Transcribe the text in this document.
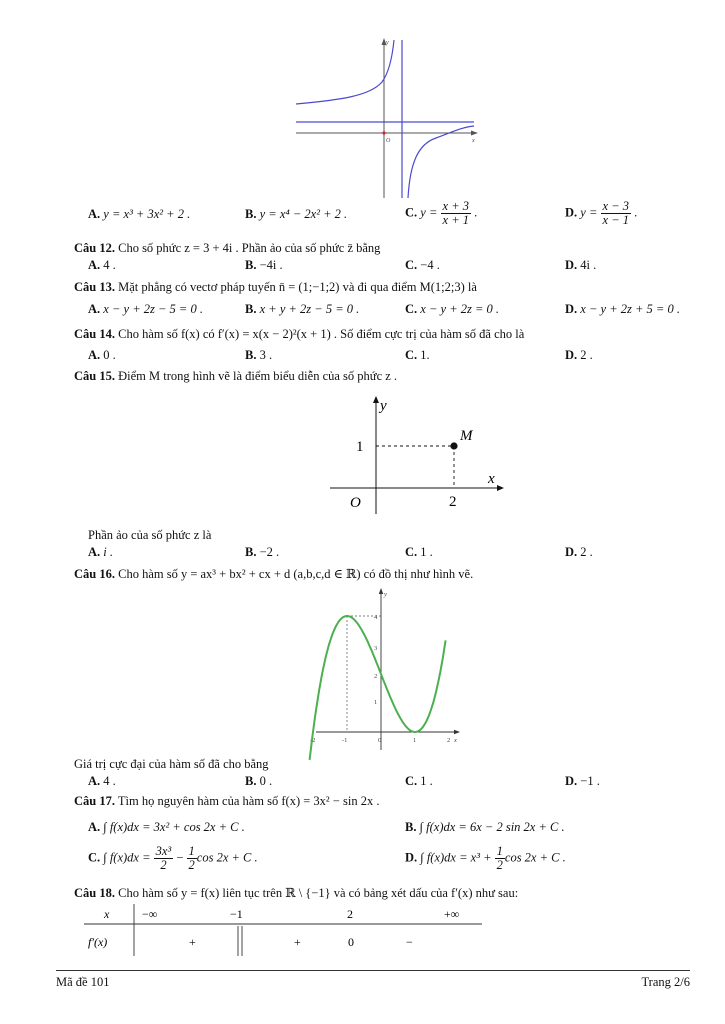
O	x
y
A. y = x³ + 3x² + 2 .	B. y = x⁴ − 2x² + 2 .	C. $y = \frac{x + 3}{x + 1}$ .	D. $y = \frac{x - 3}{x - 1}$ .
Câu 12. Cho số phức z = 3 + 4i . Phần ảo của số phức z̄ bằng
A. 4 .	B. −4i .	C. −4 .	D. 4i .
Câu 13. Mặt phẳng có vectơ pháp tuyến n̄ = (1;−1;2) và đi qua điểm M(1;2;3) là
A. x − y + 2z − 5 = 0 .	B. x + y + 2z − 5 = 0 .	C. x − y + 2z = 0 .	D. x − y + 2z + 5 = 0 .
Câu 14. Cho hàm số f(x) có f′(x) = x(x − 2)²(x + 1) . Số điểm cực trị của hàm số đã cho là
A. 0 .	B. 3 .	C. 1.	D. 2 .
Câu 15. Điểm M trong hình vẽ là điểm biểu diễn của số phức z .
y
x
O
M
2
1
Phần ảo của số phức z là
A. i .	B. −2 .	C. 1 .	D. 2 .
Câu 16. Cho hàm số y = ax³ + bx² + cx + d (a,b,c,d ∈ ℝ) có đồ thị như hình vẽ.
-2	-1	0	1	2
1
2
3
4
y
x
Giá trị cực đại của hàm số đã cho bằng
A. 4 .	B. 0 .	C. 1 .	D. −1 .
Câu 17. Tìm họ nguyên hàm của hàm số f(x) = 3x² − sin 2x .
A. ∫ f(x)dx = 3x² + cos 2x + C .	B. ∫ f(x)dx = 6x − 2 sin 2x + C .
C. ∫ $f(x)dx = \frac{\text{3x³}}{2} - \frac{1}{2}$ cos 2x + C .	D. ∫ $f(x)dx = x^3 + \frac{1}{2}$ cos 2x + C .
Câu 18. Cho hàm số y = f(x) liên tục trên ℝ \ {−1} và có bảng xét dấu của f′(x) như sau:
x	−∞	−1	2	+∞
f′(x)	+	+	0	−
Mã đề 101	Trang 2/6
